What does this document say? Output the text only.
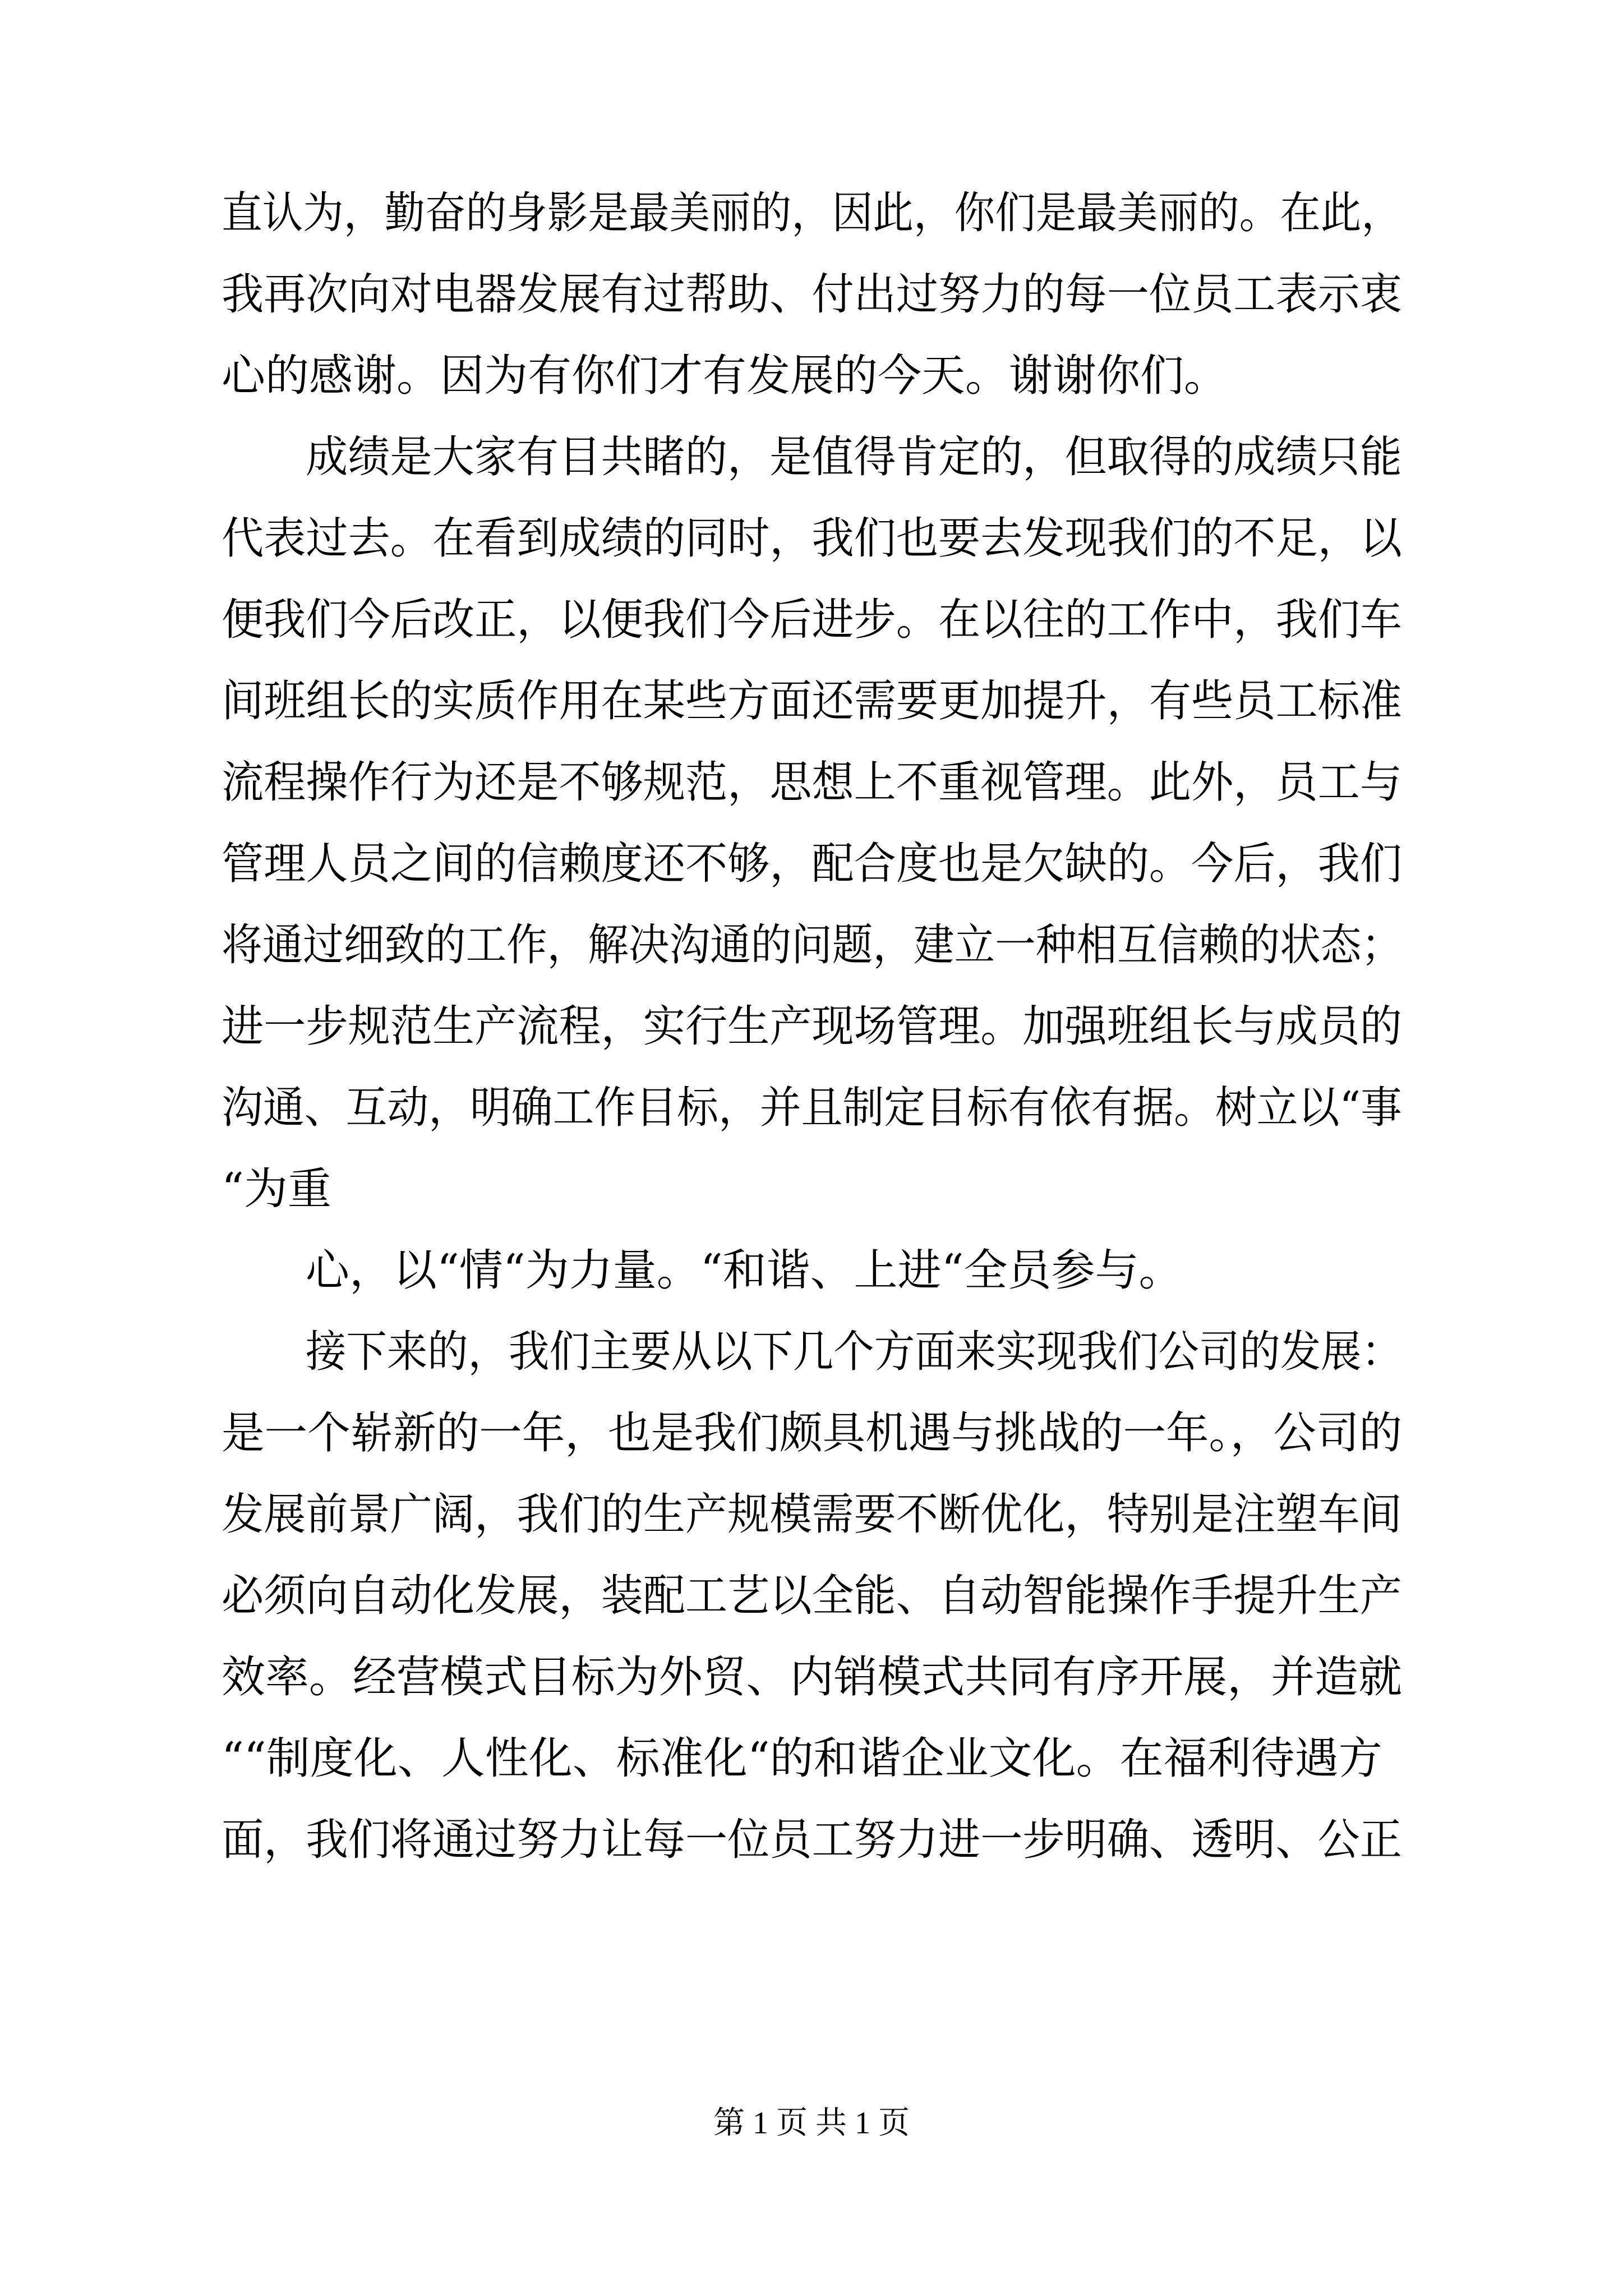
直认为，勤奋的身影是最美丽的，因此，你们是最美丽的。在此，
我再次向对电器发展有过帮助、付出过努力的每一位员工表示衷
心的感谢。因为有你们才有发展的今天。谢谢你们。
成绩是大家有目共睹的，是值得肯定的，但取得的成绩只能
代表过去。在看到成绩的同时，我们也要去发现我们的不足，以
便我们今后改正，以便我们今后进步。在以往的工作中，我们车
间班组长的实质作用在某些方面还需要更加提升，有些员工标准
流程操作行为还是不够规范，思想上不重视管理。此外，员工与
管理人员之间的信赖度还不够，配合度也是欠缺的。今后，我们
将通过细致的工作，解决沟通的问题，建立一种相互信赖的状态；
进一步规范生产流程，实行生产现场管理。加强班组长与成员的
沟通、互动，明确工作目标，并且制定目标有依有据。树立以“事
“为重
心，以“情“为力量。“和谐、上进“全员参与。
接下来的，我们主要从以下几个方面来实现我们公司的发展：
是一个崭新的一年，也是我们颇具机遇与挑战的一年。，公司的
发展前景广阔，我们的生产规模需要不断优化，特别是注塑车间
必须向自动化发展，装配工艺以全能、自动智能操作手提升生产
效率。经营模式目标为外贸、内销模式共同有序开展，并造就
““制度化、人性化、标准化“的和谐企业文化。在福利待遇方
面，我们将通过努力让每一位员工努力进一步明确、透明、公正
第 1 页 共 1 页
